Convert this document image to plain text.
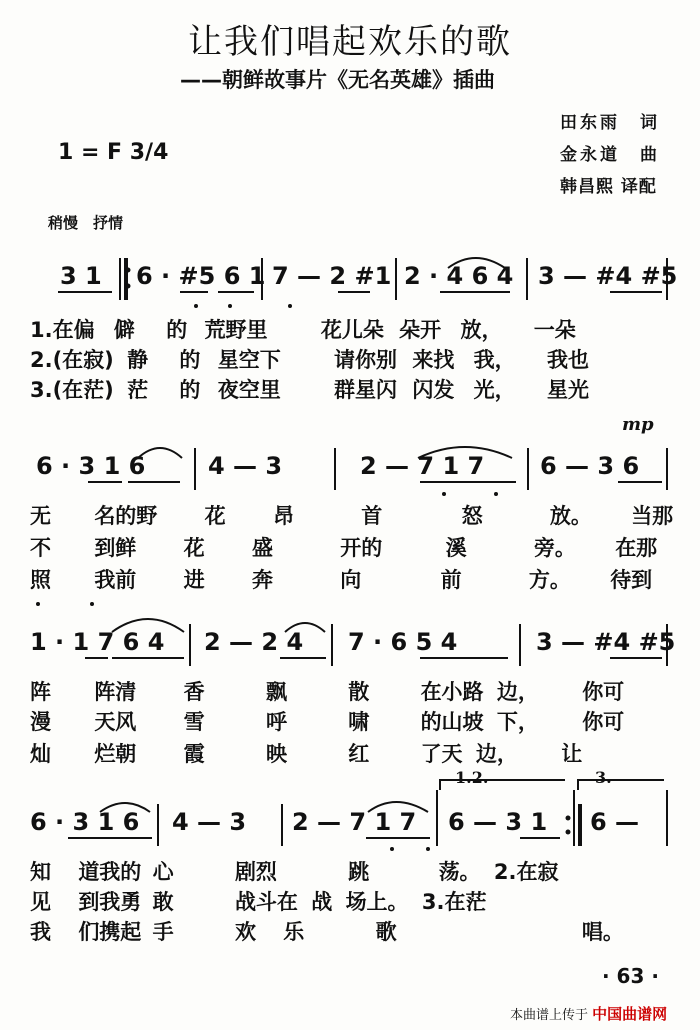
让我们唱起欢乐的歌
——朝鲜故事片《无名英雄》插曲
田东雨　词
金永道　曲
韩昌熙 译配
1 = F 3/4
稍慢　抒情
mp
1.2.	3.
3 1 6 · #5 6 1 7 — 2 #1 2 · 4 6 4 3 — #4 #5
1.在偏 僻 的 荒野里	花儿朵 朵开 放， 一朵
2.(在寂) 静 的 星空下	请你别 来找 我， 我也
3.(在茫) 茫 的 夜空里	群星闪 闪发 光， 星光
6 · 3 1 6	4 — 3	2 — 7 1 7 6 — 3 6
无 名的野 花 昂	首	怒	放。 当那
不 到鲜 花 盛	开的	溪	旁。 在那
照 我前 进 奔	向	前	方。 待到
1 · 1 7 6 4 2 — 2 4 7 · 6 5 4	3 — #4 #5
阵 阵清 香	飘	散 在小路 边， 你可
漫 天风 雪	呼	啸 的山坡 下， 你可
灿 烂朝 霞	映	红 了天 边， 让
6 · 3 1 6 4 — 3 2 — 7 1 7 6 — 3 1 6 —
知 道我的 心	剧烈	跳	荡。 2.在寂
见 到我勇 敢	战斗在 战 场上。 3.在茫
我 们携起 手	欢 乐	歌	唱。
· 63 ·
本曲谱上传于 中国曲谱网
